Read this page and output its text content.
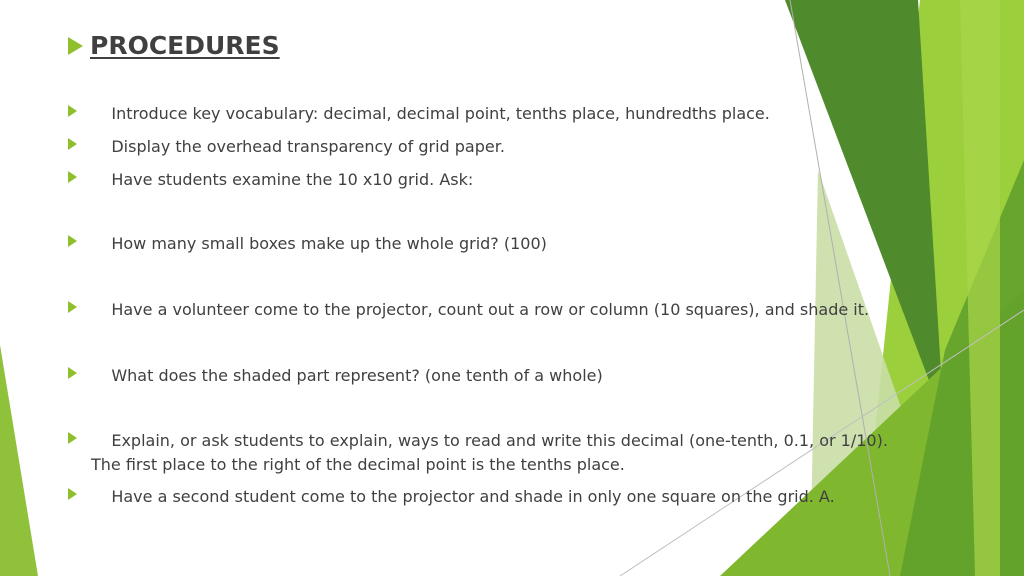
PROCEDURES
Introduce key vocabulary: decimal, decimal point, tenths place, hundredths place.
Display the overhead transparency of grid paper.
Have students examine the 10 x10 grid. Ask:
How many small boxes make up the whole grid? (100)
Have a volunteer come to the projector, count out a row or column (10 squares), and shade it.
What does the shaded part represent? (one tenth of a whole)
Explain, or ask students to explain, ways to read and write this decimal (one-tenth, 0.1, or 1/10). The first place to the right of the decimal point is the tenths place.
Have a second student come to the projector and shade in only one square on the grid. A.
